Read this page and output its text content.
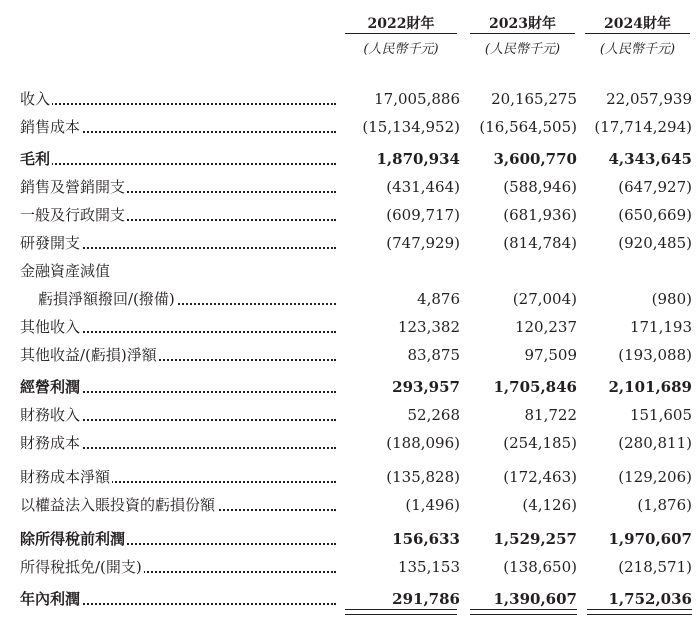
2022財年	2023財年	2024財年
(人民幣千元)	(人民幣千元)	(人民幣千元)
收入	17,005,886	20,165,275	22,057,939
銷售成本	(15,134,952)	(16,564,505)	(17,714,294)
毛利	1,870,934	3,600,770	4,343,645
銷售及營銷開支	(431,464)	(588,946)	(647,927)
一般及行政開支	(609,717)	(681,936)	(650,669)
研發開支	(747,929)	(814,784)	(920,485)
金融資產減值
虧損淨額撥回/(撥備)	4,876	(27,004)	(980)
其他收入	123,382	120,237	171,193
其他收益/(虧損)淨額	83,875	97,509	(193,088)
經營利潤	293,957	1,705,846	2,101,689
財務收入	52,268	81,722	151,605
財務成本	(188,096)	(254,185)	(280,811)
財務成本淨額	(135,828)	(172,463)	(129,206)
以權益法入賬投資的虧損份額	(1,496)	(4,126)	(1,876)
除所得稅前利潤	156,633	1,529,257	1,970,607
所得稅抵免/(開支)	135,153	(138,650)	(218,571)
年內利潤	291,786	1,390,607	1,752,036
